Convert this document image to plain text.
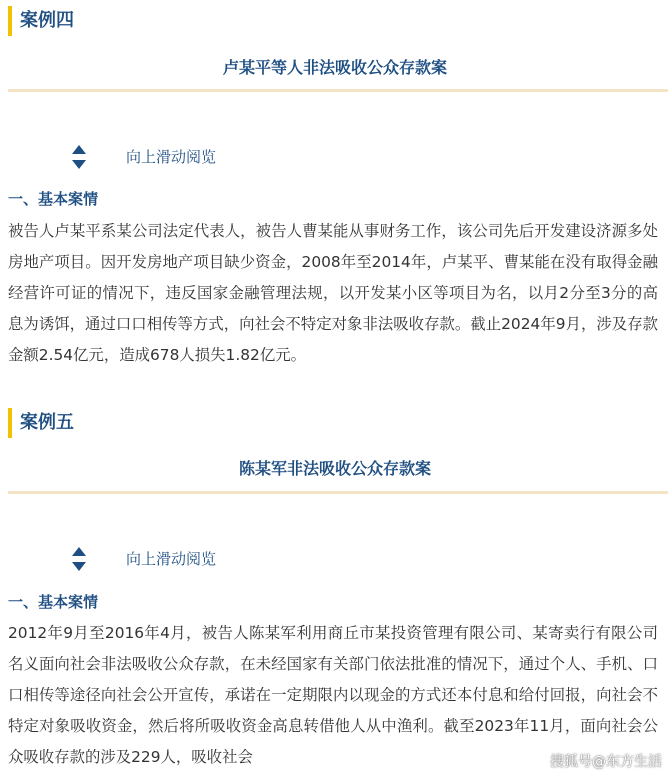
案例四
卢某平等人非法吸收公众存款案
向上滑动阅览
一、基本案情
被告人卢某平系某公司法定代表人，被告人曹某能从事财务工作，该公司先后开发建设济源多处房地产项目。因开发房地产项目缺少资金，2008年至2014年，卢某平、曹某能在没有取得金融经营许可证的情况下，违反国家金融管理法规，以开发某小区等项目为名，以月2分至3分的高息为诱饵，通过口口相传等方式，向社会不特定对象非法吸收存款。截止2024年9月，涉及存款金额2.54亿元，造成678人损失1.82亿元。
案例五
陈某军非法吸收公众存款案
向上滑动阅览
一、基本案情
2012年9月至2016年4月，被告人陈某军利用商丘市某投资管理有限公司、某寄卖行有限公司名义面向社会非法吸收公众存款，在未经国家有关部门依法批准的情况下，通过个人、手机、口口相传等途径向社会公开宣传，承诺在一定期限内以现金的方式还本付息和给付回报，向社会不特定对象吸收资金，然后将所吸收资金高息转借他人从中渔利。截至2023年11月，面向社会公众吸收存款的涉及229人，吸收社会	搜狐号@东方生活
